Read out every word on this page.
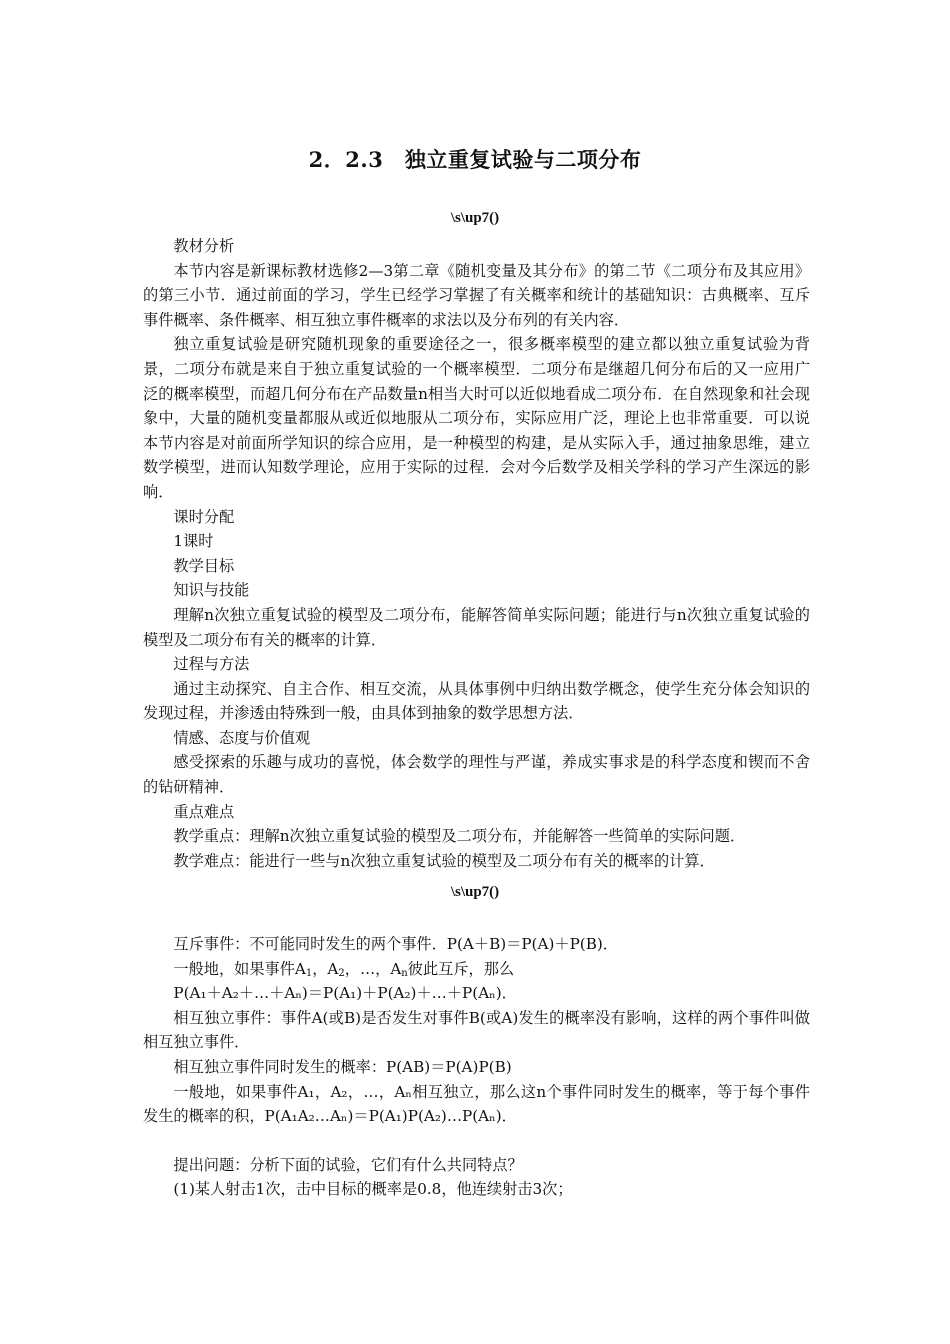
2．2.3　独立重复试验与二项分布
\s\up7()
教材分析
本节内容是新课标教材选修2—3第二章《随机变量及其分布》的第二节《二项分布及其应用》的第三小节．通过前面的学习，学生已经学习掌握了有关概率和统计的基础知识：古典概率、互斥事件概率、条件概率、相互独立事件概率的求法以及分布列的有关内容．
独立重复试验是研究随机现象的重要途径之一，很多概率模型的建立都以独立重复试验为背景，二项分布就是来自于独立重复试验的一个概率模型．二项分布是继超几何分布后的又一应用广泛的概率模型，而超几何分布在产品数量n相当大时可以近似地看成二项分布．在自然现象和社会现象中，大量的随机变量都服从或近似地服从二项分布，实际应用广泛，理论上也非常重要．可以说本节内容是对前面所学知识的综合应用，是一种模型的构建，是从实际入手，通过抽象思维，建立数学模型，进而认知数学理论，应用于实际的过程．会对今后数学及相关学科的学习产生深远的影响．
课时分配
1课时
教学目标
知识与技能
理解n次独立重复试验的模型及二项分布，能解答简单实际问题；能进行与n次独立重复试验的模型及二项分布有关的概率的计算．
过程与方法
通过主动探究、自主合作、相互交流，从具体事例中归纳出数学概念，使学生充分体会知识的发现过程，并渗透由特殊到一般，由具体到抽象的数学思想方法．
情感、态度与价值观
感受探索的乐趣与成功的喜悦，体会数学的理性与严谨，养成实事求是的科学态度和锲而不舍的钻研精神．
重点难点
教学重点：理解n次独立重复试验的模型及二项分布，并能解答一些简单的实际问题．
教学难点：能进行一些与n次独立重复试验的模型及二项分布有关的概率的计算．
\s\up7()
互斥事件：不可能同时发生的两个事件．P(A＋B)＝P(A)＋P(B)．
一般地，如果事件$A_1$，$A_2$，…，$A_n$彼此互斥，那么
P(A₁＋A₂＋…＋Aₙ)＝P(A₁)＋P(A₂)＋…＋P(Aₙ)．
相互独立事件：事件A(或B)是否发生对事件B(或A)发生的概率没有影响，这样的两个事件叫做相互独立事件．
相互独立事件同时发生的概率：P(AB)＝P(A)P(B)
一般地，如果事件A₁，A₂，…，Aₙ相互独立，那么这n个事件同时发生的概率，等于每个事件发生的概率的积，P(A₁A₂…Aₙ)＝P(A₁)P(A₂)…P(Aₙ)．
提出问题：分析下面的试验，它们有什么共同特点？
(1)某人射击1次，击中目标的概率是0.8，他连续射击3次；
